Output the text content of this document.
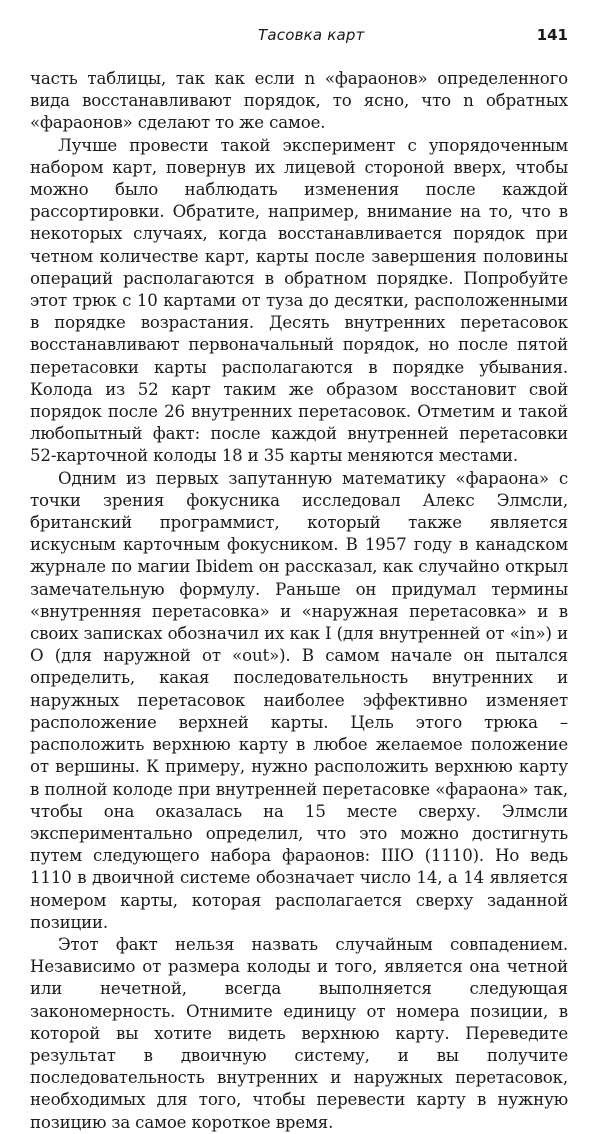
Тасовка карт	141

часть таблицы, так как если n «фараонов» определенного вида восстанавливают порядок, то ясно, что n обратных «фараонов» сделают то же самое.

Лучше провести такой эксперимент с упорядоченным набором карт, повернув их лицевой стороной вверх, чтобы можно было наблюдать изменения после каждой рассортировки. Обратите, например, внимание на то, что в некоторых случаях, когда восстанавливается порядок при четном количестве карт, карты после завершения половины операций располагаются в обратном порядке. Попробуйте этот трюк с 10 картами от туза до десятки, расположенными в порядке возрастания. Десять внутренних перетасовок восстанавливают первоначальный порядок, но после пятой перетасовки карты располагаются в порядке убывания. Колода из 52 карт таким же образом восстановит свой порядок после 26 внутренних перетасовок. Отметим и такой любопытный факт: после каждой внутренней перетасовки 52-карточной колоды 18 и 35 карты меняются местами.

Одним из первых запутанную математику «фараона» с точки зрения фокусника исследовал Алекс Элмсли, британский программист, который также является искусным карточным фокусником. В 1957 году в канадском журнале по магии Ibidem он рассказал, как случайно открыл замечательную формулу. Раньше он придумал термины «внутренняя перетасовка» и «наружная перетасовка» и в своих записках обозначил их как I (для внутренней от «in») и O (для наружной от «out»). В самом начале он пытался определить, какая последовательность внутренних и наружных перетасовок наиболее эффективно изменяет расположение верхней карты. Цель этого трюка – расположить верхнюю карту в любое желаемое положение от вершины. К примеру, нужно расположить верхнюю карту в полной колоде при внутренней перетасовке «фараона» так, чтобы она оказалась на 15 месте сверху. Элмсли экспериментально определил, что это можно достигнуть путем следующего набора фараонов: IIIO (1110). Но ведь 1110 в двоичной системе обозначает число 14, а 14 является номером карты, которая располагается сверху заданной позиции.

Этот факт нельзя назвать случайным совпадением. Независимо от размера колоды и того, является она четной или нечетной, всегда выполняется следующая закономерность. Отнимите единицу от номера позиции, в которой вы хотите видеть верхнюю карту. Переведите результат в двоичную систему, и вы получите последовательность внутренних и наружных перетасовок, необходимых для того, чтобы перевести карту в нужную позицию за самое короткое время.
